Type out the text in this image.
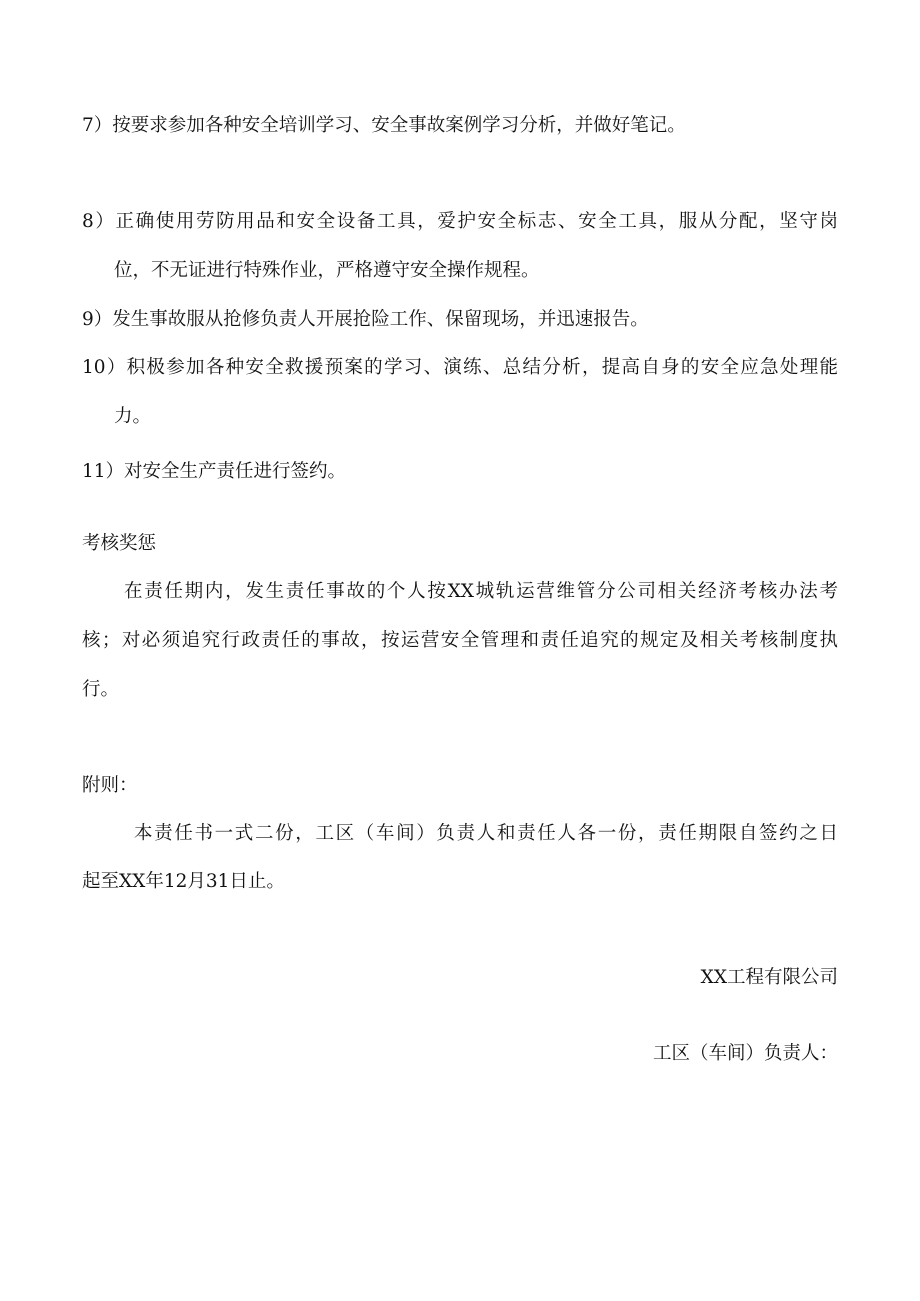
7）按要求参加各种安全培训学习、安全事故案例学习分析，并做好笔记。
8）正确使用劳防用品和安全设备工具，爱护安全标志、安全工具，服从分配，坚守岗
位，不无证进行特殊作业，严格遵守安全操作规程。
9）发生事故服从抢修负责人开展抢险工作、保留现场，并迅速报告。
10）积极参加各种安全救援预案的学习、演练、总结分析，提高自身的安全应急处理能
力。
11）对安全生产责任进行签约。
考核奖惩
在责任期内，发生责任事故的个人按XX城轨运营维管分公司相关经济考核办法考
核；对必须追究行政责任的事故，按运营安全管理和责任追究的规定及相关考核制度执
行。
附则：
本责任书一式二份，工区（车间）负责人和责任人各一份，责任期限自签约之日
起至XX年12月31日止。
XX工程有限公司
工区（车间）负责人：
